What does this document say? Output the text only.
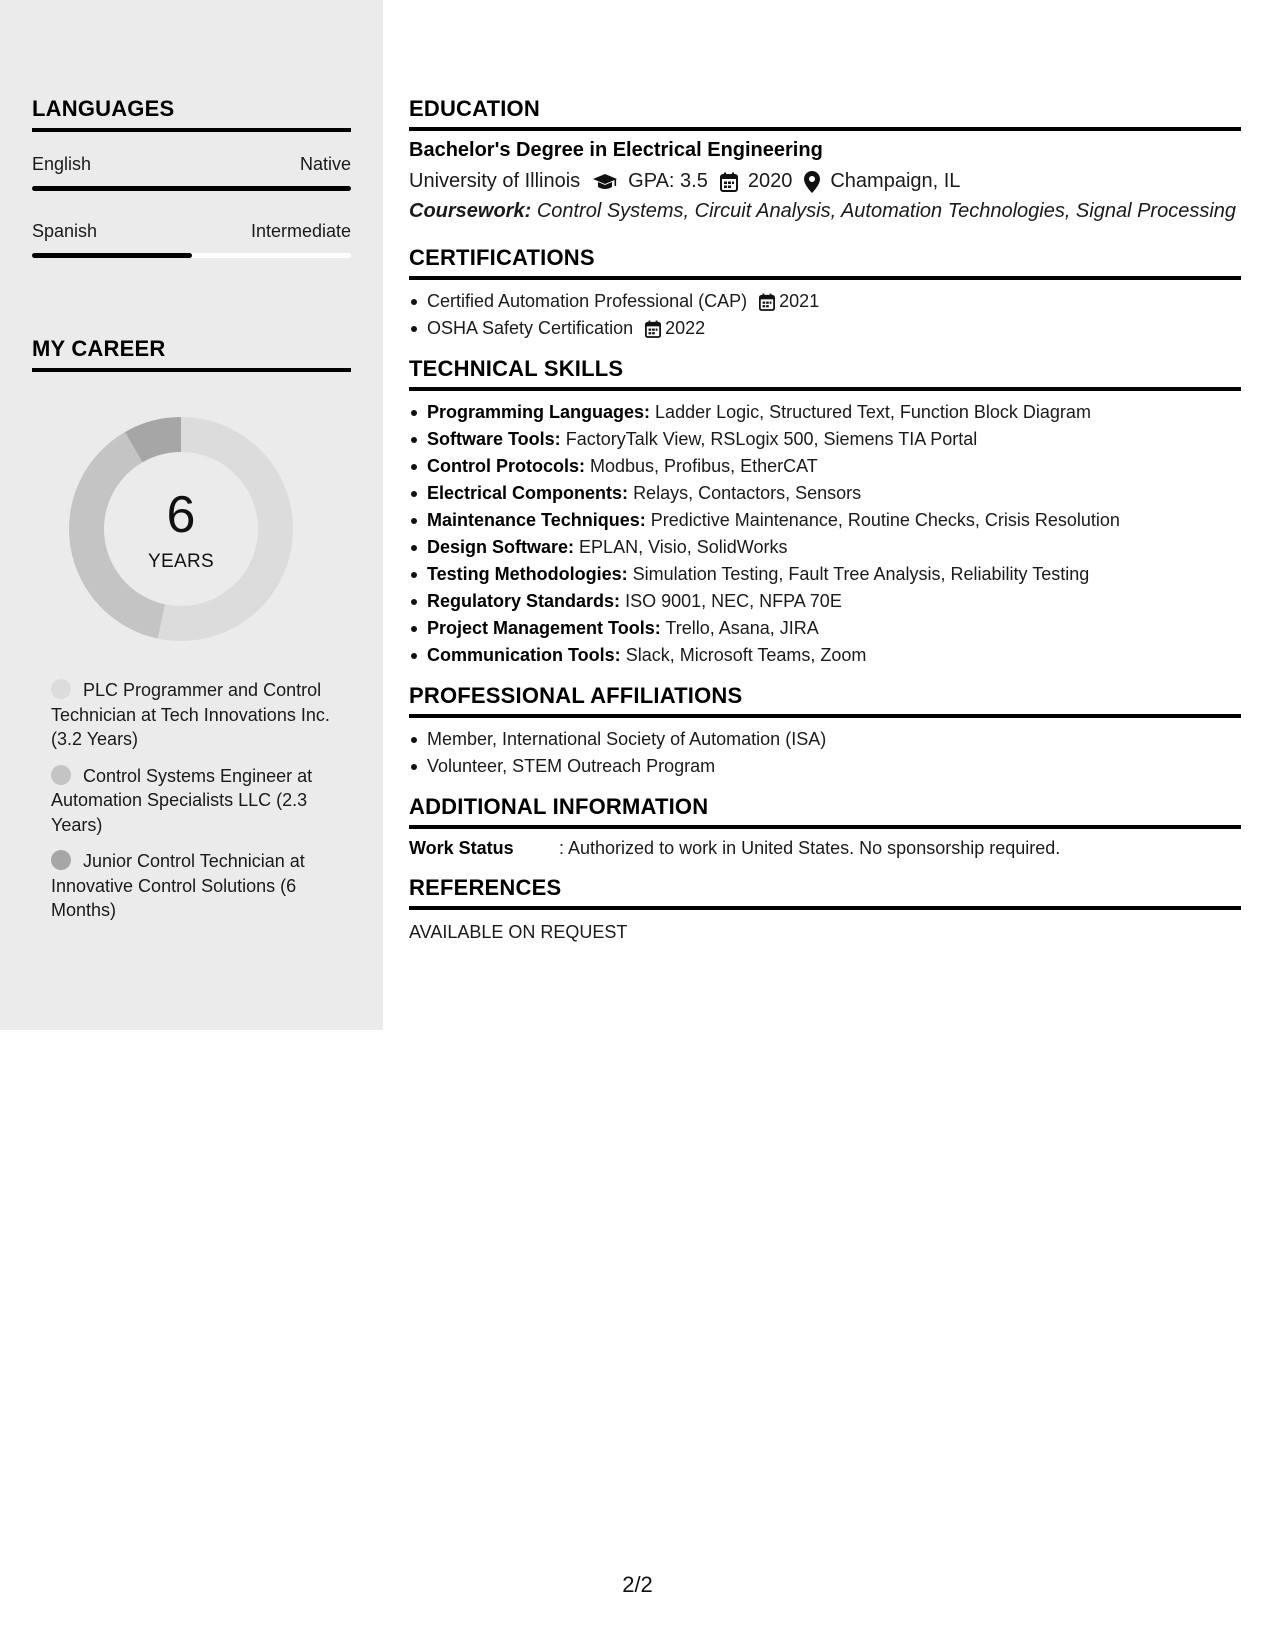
LANGUAGES
English	Native
Spanish	Intermediate
MY CAREER
6
YEARS
PLC Programmer and Control Technician at Tech Innovations Inc. (3.2 Years)
Control Systems Engineer at Automation Specialists LLC (2.3 Years)
Junior Control Technician at Innovative Control Solutions (6 Months)
EDUCATION
Bachelor's Degree in Electrical Engineering
University of Illinois GPA: 3.5 2020 Champaign, IL
Coursework: Control Systems, Circuit Analysis, Automation Technologies, Signal Processing
CERTIFICATIONS
Certified Automation Professional (CAP) 2021
OSHA Safety Certification 2022
TECHNICAL SKILLS
Programming Languages: Ladder Logic, Structured Text, Function Block Diagram
Software Tools: FactoryTalk View, RSLogix 500, Siemens TIA Portal
Control Protocols: Modbus, Profibus, EtherCAT
Electrical Components: Relays, Contactors, Sensors
Maintenance Techniques: Predictive Maintenance, Routine Checks, Crisis Resolution
Design Software: EPLAN, Visio, SolidWorks
Testing Methodologies: Simulation Testing, Fault Tree Analysis, Reliability Testing
Regulatory Standards: ISO 9001, NEC, NFPA 70E
Project Management Tools: Trello, Asana, JIRA
Communication Tools: Slack, Microsoft Teams, Zoom
PROFESSIONAL AFFILIATIONS
Member, International Society of Automation (ISA)
Volunteer, STEM Outreach Program
ADDITIONAL INFORMATION
Work Status	: Authorized to work in United States. No sponsorship required.
REFERENCES
AVAILABLE ON REQUEST
2/2
